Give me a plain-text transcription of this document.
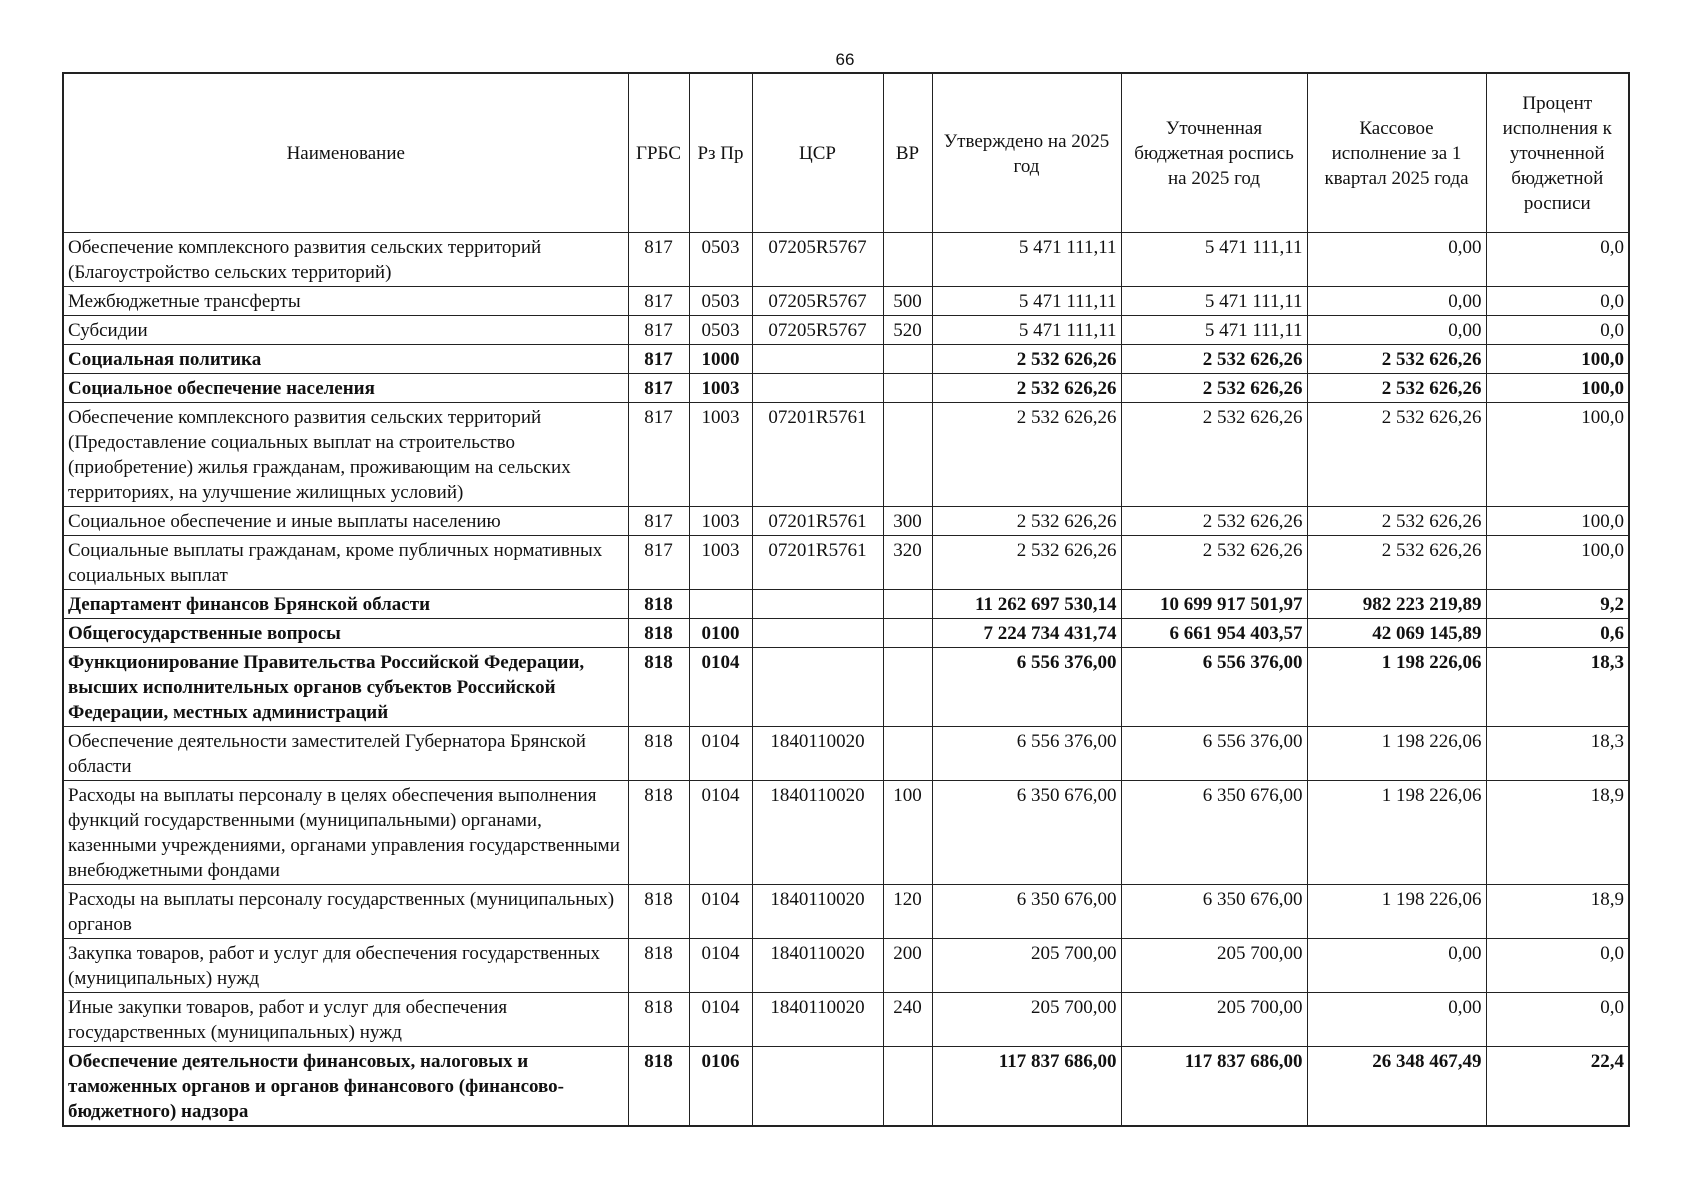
66
Наименование	ГРБС	Рз Пр	ЦСР	ВР	Утверждено на 2025 год	Уточненная бюджетная роспись на 2025 год	Кассовое исполнение за 1 квартал 2025 года	Процент исполнения к уточненной бюджетной росписи
Обеспечение комплексного развития сельских территорий (Благоустройство сельских территорий)	817	0503	07205R5767		5 471 111,11	5 471 111,11	0,00	0,0
Межбюджетные трансферты	817	0503	07205R5767	500	5 471 111,11	5 471 111,11	0,00	0,0
Субсидии	817	0503	07205R5767	520	5 471 111,11	5 471 111,11	0,00	0,0
Социальная политика	817	1000			2 532 626,26	2 532 626,26	2 532 626,26	100,0
Социальное обеспечение населения	817	1003			2 532 626,26	2 532 626,26	2 532 626,26	100,0
Обеспечение комплексного развития сельских территорий (Предоставление социальных выплат на строительство (приобретение) жилья гражданам, проживающим на сельских территориях, на улучшение жилищных условий)	817	1003	07201R5761		2 532 626,26	2 532 626,26	2 532 626,26	100,0
Социальное обеспечение и иные выплаты населению	817	1003	07201R5761	300	2 532 626,26	2 532 626,26	2 532 626,26	100,0
Социальные выплаты гражданам, кроме публичных нормативных социальных выплат	817	1003	07201R5761	320	2 532 626,26	2 532 626,26	2 532 626,26	100,0
Департамент финансов Брянской области	818				11 262 697 530,14	10 699 917 501,97	982 223 219,89	9,2
Общегосударственные вопросы	818	0100			7 224 734 431,74	6 661 954 403,57	42 069 145,89	0,6
Функционирование Правительства Российской Федерации, высших исполнительных органов субъектов Российской Федерации, местных администраций	818	0104			6 556 376,00	6 556 376,00	1 198 226,06	18,3
Обеспечение деятельности заместителей Губернатора Брянской области	818	0104	1840110020		6 556 376,00	6 556 376,00	1 198 226,06	18,3
Расходы на выплаты персоналу в целях обеспечения выполнения функций государственными (муниципальными) органами, казенными учреждениями, органами управления государственными внебюджетными фондами	818	0104	1840110020	100	6 350 676,00	6 350 676,00	1 198 226,06	18,9
Расходы на выплаты персоналу государственных (муниципальных) органов	818	0104	1840110020	120	6 350 676,00	6 350 676,00	1 198 226,06	18,9
Закупка товаров, работ и услуг для обеспечения государственных (муниципальных) нужд	818	0104	1840110020	200	205 700,00	205 700,00	0,00	0,0
Иные закупки товаров, работ и услуг для обеспечения государственных (муниципальных) нужд	818	0104	1840110020	240	205 700,00	205 700,00	0,00	0,0
Обеспечение деятельности финансовых, налоговых и таможенных органов и органов финансового (финансово-бюджетного) надзора	818	0106			117 837 686,00	117 837 686,00	26 348 467,49	22,4
